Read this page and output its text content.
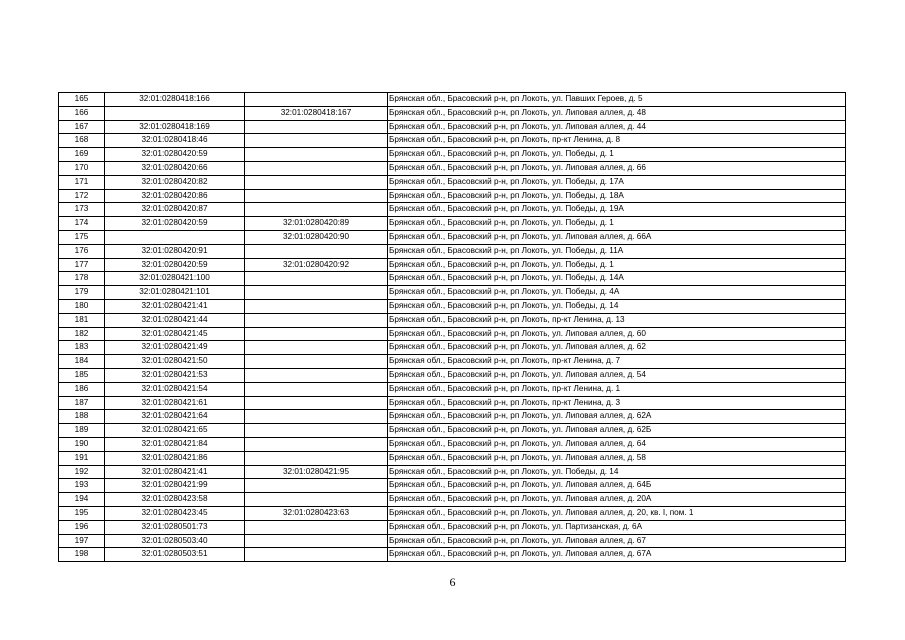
165	32:01:0280418:166		Брянская обл., Брасовский р-н, рп Локоть, ул. Павших Героев, д. 5
166		32:01:0280418:167	Брянская обл., Брасовский р-н, рп Локоть, ул. Липовая аллея, д. 48
167	32:01:0280418:169		Брянская обл., Брасовский р-н, рп Локоть, ул. Липовая аллея, д. 44
168	32:01:0280418:46		Брянская обл., Брасовский р-н, рп Локоть, пр-кт Ленина, д. 8
169	32:01:0280420:59		Брянская обл., Брасовский р-н, рп Локоть, ул. Победы, д. 1
170	32:01:0280420:66		Брянская обл., Брасовский р-н, рп Локоть, ул. Липовая аллея, д. 66
171	32:01:0280420:82		Брянская обл., Брасовский р-н, рп Локоть, ул. Победы, д. 17А
172	32:01:0280420:86		Брянская обл., Брасовский р-н, рп Локоть, ул. Победы, д. 18А
173	32:01:0280420:87		Брянская обл., Брасовский р-н, рп Локоть, ул. Победы, д. 19А
174	32:01:0280420:59	32:01:0280420:89	Брянская обл., Брасовский р-н, рп Локоть, ул. Победы, д. 1
175		32:01:0280420:90	Брянская обл., Брасовский р-н, рп Локоть, ул. Липовая аллея, д. 66А
176	32:01:0280420:91		Брянская обл., Брасовский р-н, рп Локоть, ул. Победы, д. 11А
177	32:01:0280420:59	32:01:0280420:92	Брянская обл., Брасовский р-н, рп Локоть, ул. Победы, д. 1
178	32:01:0280421:100		Брянская обл., Брасовский р-н, рп Локоть, ул. Победы, д. 14А
179	32:01:0280421:101		Брянская обл., Брасовский р-н, рп Локоть, ул. Победы, д. 4А
180	32:01:0280421:41		Брянская обл., Брасовский р-н, рп Локоть, ул. Победы, д. 14
181	32:01:0280421:44		Брянская обл., Брасовский р-н, рп Локоть, пр-кт Ленина, д. 13
182	32:01:0280421:45		Брянская обл., Брасовский р-н, рп Локоть, ул. Липовая аллея, д. 60
183	32:01:0280421:49		Брянская обл., Брасовский р-н, рп Локоть, ул. Липовая аллея, д. 62
184	32:01:0280421:50		Брянская обл., Брасовский р-н, рп Локоть, пр-кт Ленина, д. 7
185	32:01:0280421:53		Брянская обл., Брасовский р-н, рп Локоть, ул. Липовая аллея, д. 54
186	32:01:0280421:54		Брянская обл., Брасовский р-н, рп Локоть, пр-кт Ленина, д. 1
187	32:01:0280421:61		Брянская обл., Брасовский р-н, рп Локоть, пр-кт Ленина, д. 3
188	32:01:0280421:64		Брянская обл., Брасовский р-н, рп Локоть, ул. Липовая аллея, д. 62А
189	32:01:0280421:65		Брянская обл., Брасовский р-н, рп Локоть, ул. Липовая аллея, д. 62Б
190	32:01:0280421:84		Брянская обл., Брасовский р-н, рп Локоть, ул. Липовая аллея, д. 64
191	32:01:0280421:86		Брянская обл., Брасовский р-н, рп Локоть, ул. Липовая аллея, д. 58
192	32:01:0280421:41	32:01:0280421:95	Брянская обл., Брасовский р-н, рп Локоть, ул. Победы, д. 14
193	32:01:0280421:99		Брянская обл., Брасовский р-н, рп Локоть, ул. Липовая аллея, д. 64Б
194	32:01:0280423:58		Брянская обл., Брасовский р-н, рп Локоть, ул. Липовая аллея, д. 20А
195	32:01:0280423:45	32:01:0280423:63	Брянская обл., Брасовский р-н, рп Локоть, ул. Липовая аллея, д. 20, кв. I, пом. 1
196	32:01:0280501:73		Брянская обл., Брасовский р-н, рп Локоть, ул. Партизанская, д. 6А
197	32:01:0280503:40		Брянская обл., Брасовский р-н, рп Локоть, ул. Липовая аллея, д. 67
198	32:01:0280503:51		Брянская обл., Брасовский р-н, рп Локоть, ул. Липовая аллея, д. 67А
6
